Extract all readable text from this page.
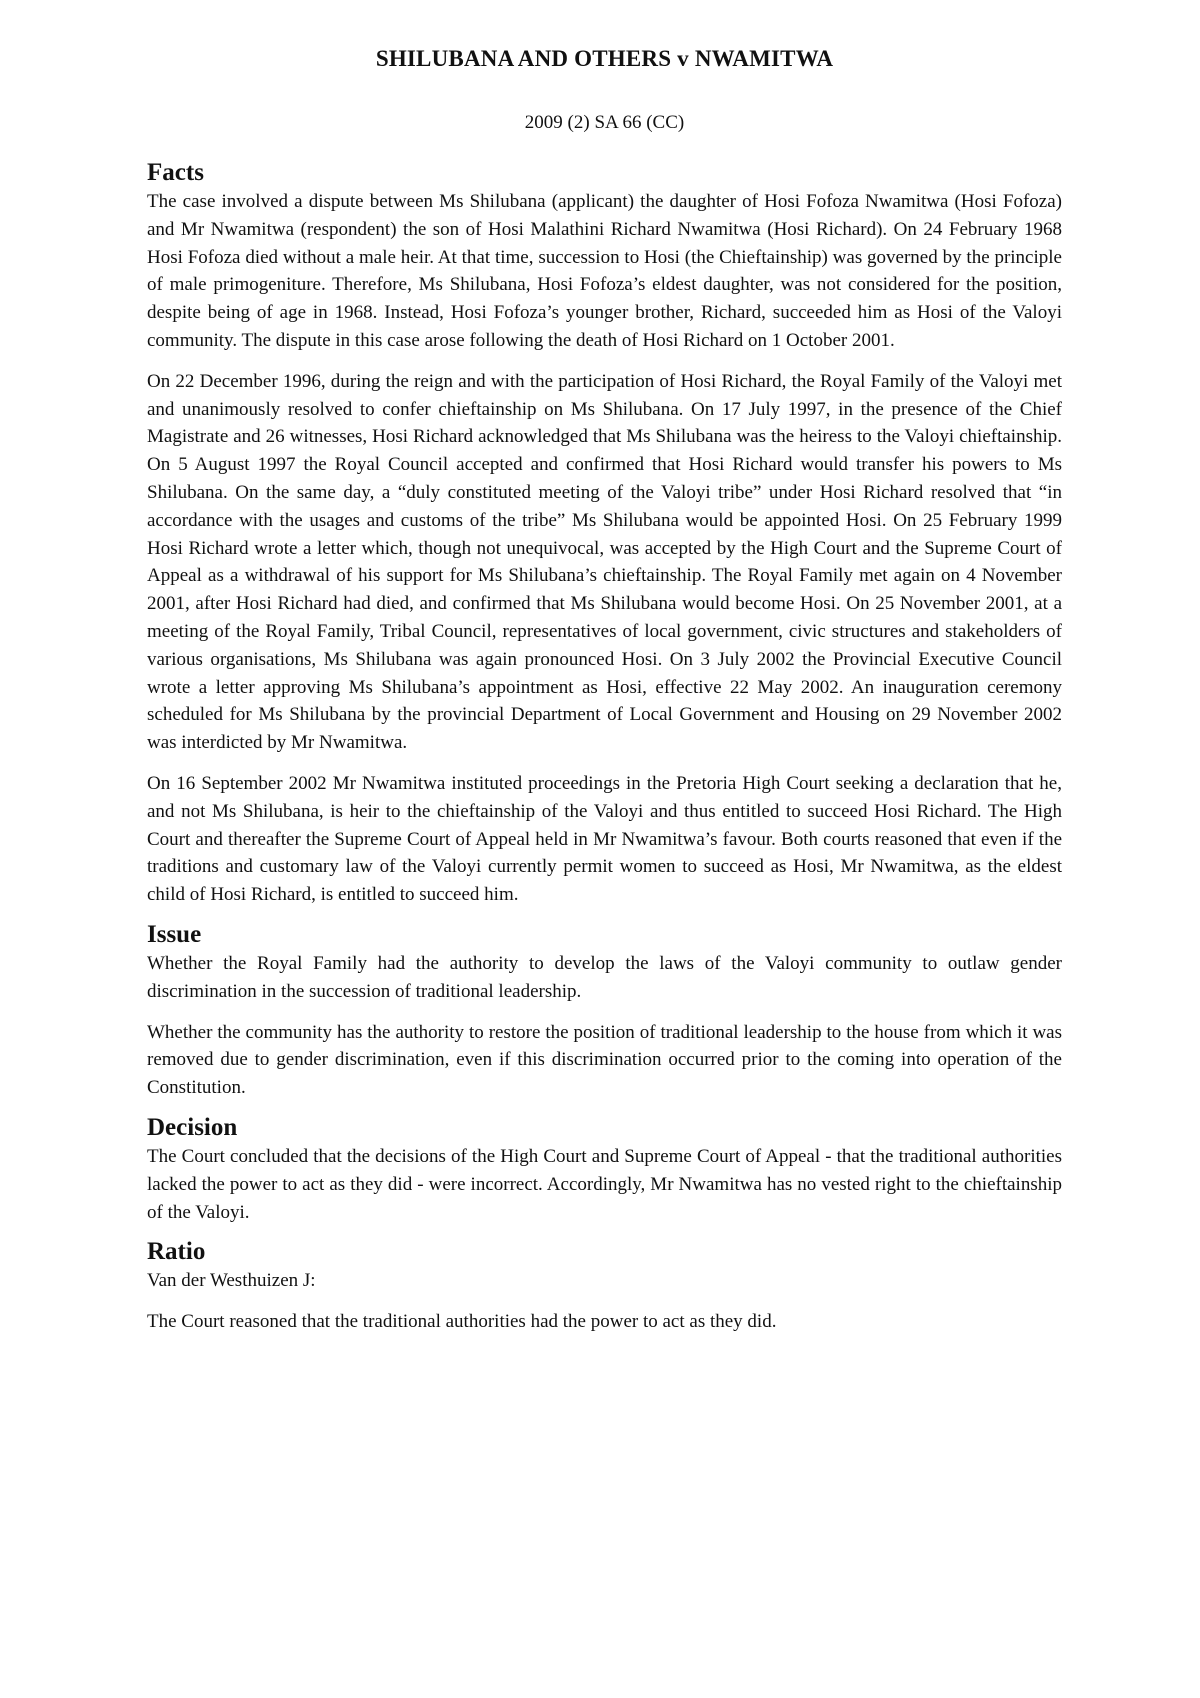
SHILUBANA AND OTHERS v NWAMITWA

2009 (2) SA 66 (CC)

Facts

The case involved a dispute between Ms Shilubana (applicant) the daughter of Hosi Fofoza Nwamitwa (Hosi Fofoza) and Mr Nwamitwa (respondent) the son of Hosi Malathini Richard Nwamitwa (Hosi Richard). On 24 February 1968 Hosi Fofoza died without a male heir. At that time, succession to Hosi (the Chieftainship) was governed by the principle of male primogeniture. Therefore, Ms Shilubana, Hosi Fofoza’s eldest daughter, was not considered for the position, despite being of age in 1968. Instead, Hosi Fofoza’s younger brother, Richard, succeeded him as Hosi of the Valoyi community. The dispute in this case arose following the death of Hosi Richard on 1 October 2001.

On 22 December 1996, during the reign and with the participation of Hosi Richard, the Royal Family of the Valoyi met and unanimously resolved to confer chieftainship on Ms Shilubana. On 17 July 1997, in the presence of the Chief Magistrate and 26 witnesses, Hosi Richard acknowledged that Ms Shilubana was the heiress to the Valoyi chieftainship. On 5 August 1997 the Royal Council accepted and confirmed that Hosi Richard would transfer his powers to Ms Shilubana. On the same day, a “duly constituted meeting of the Valoyi tribe” under Hosi Richard resolved that “in accordance with the usages and customs of the tribe” Ms Shilubana would be appointed Hosi. On 25 February 1999 Hosi Richard wrote a letter which, though not unequivocal, was accepted by the High Court and the Supreme Court of Appeal as a withdrawal of his support for Ms Shilubana’s chieftainship. The Royal Family met again on 4 November 2001, after Hosi Richard had died, and confirmed that Ms Shilubana would become Hosi. On 25 November 2001, at a meeting of the Royal Family, Tribal Council, representatives of local government, civic structures and stakeholders of various organisations, Ms Shilubana was again pronounced Hosi. On 3 July 2002 the Provincial Executive Council wrote a letter approving Ms Shilubana’s appointment as Hosi, effective 22 May 2002. An inauguration ceremony scheduled for Ms Shilubana by the provincial Department of Local Government and Housing on 29 November 2002 was interdicted by Mr Nwamitwa.

On 16 September 2002 Mr Nwamitwa instituted proceedings in the Pretoria High Court seeking a declaration that he, and not Ms Shilubana, is heir to the chieftainship of the Valoyi and thus entitled to succeed Hosi Richard. The High Court and thereafter the Supreme Court of Appeal held in Mr Nwamitwa’s favour. Both courts reasoned that even if the traditions and customary law of the Valoyi currently permit women to succeed as Hosi, Mr Nwamitwa, as the eldest child of Hosi Richard, is entitled to succeed him.

Issue

Whether the Royal Family had the authority to develop the laws of the Valoyi community to outlaw gender discrimination in the succession of traditional leadership.

Whether the community has the authority to restore the position of traditional leadership to the house from which it was removed due to gender discrimination, even if this discrimination occurred prior to the coming into operation of the Constitution.

Decision

The Court concluded that the decisions of the High Court and Supreme Court of Appeal - that the traditional authorities lacked the power to act as they did - were incorrect. Accordingly, Mr Nwamitwa has no vested right to the chieftainship of the Valoyi.

Ratio

Van der Westhuizen J:

The Court reasoned that the traditional authorities had the power to act as they did.
